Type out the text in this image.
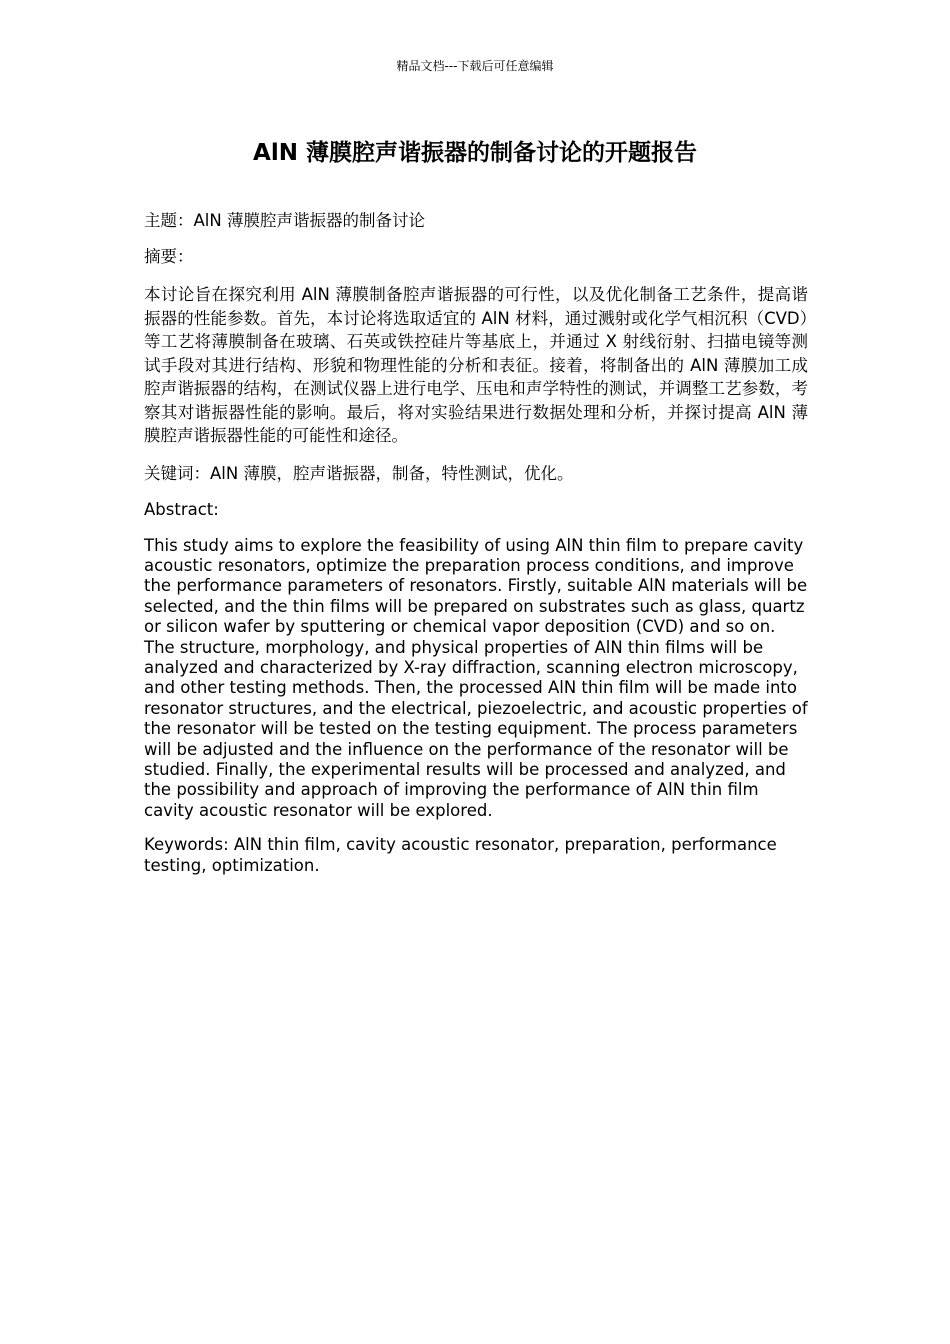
精品文档---下载后可任意编辑
AlN 薄膜腔声谐振器的制备讨论的开题报告

主题：AlN 薄膜腔声谐振器的制备讨论

摘要：

本讨论旨在探究利用 AlN 薄膜制备腔声谐振器的可行性，以及优化制备工艺条件，提高谐振器的性能参数。首先，本讨论将选取适宜的 AlN 材料，通过溅射或化学气相沉积（CVD）等工艺将薄膜制备在玻璃、石英或铁控硅片等基底上，并通过 X 射线衍射、扫描电镜等测试手段对其进行结构、形貌和物理性能的分析和表征。接着，将制备出的 AlN 薄膜加工成腔声谐振器的结构，在测试仪器上进行电学、压电和声学特性的测试，并调整工艺参数，考察其对谐振器性能的影响。最后，将对实验结果进行数据处理和分析，并探讨提高 AlN 薄膜腔声谐振器性能的可能性和途径。

关键词：AlN 薄膜，腔声谐振器，制备，特性测试，优化。

Abstract:

This study aims to explore the feasibility of using AlN thin film to prepare cavity acoustic resonators, optimize the preparation process conditions, and improve the performance parameters of resonators. Firstly, suitable AlN materials will be selected, and the thin films will be prepared on substrates such as glass, quartz or silicon wafer by sputtering or chemical vapor deposition (CVD) and so on. The structure, morphology, and physical properties of AlN thin films will be analyzed and characterized by X-ray diffraction, scanning electron microscopy, and other testing methods. Then, the processed AlN thin film will be made into resonator structures, and the electrical, piezoelectric, and acoustic properties of the resonator will be tested on the testing equipment. The process parameters will be adjusted and the influence on the performance of the resonator will be studied. Finally, the experimental results will be processed and analyzed, and the possibility and approach of improving the performance of AlN thin film cavity acoustic resonator will be explored.

Keywords: AlN thin film, cavity acoustic resonator, preparation, performance testing, optimization.
